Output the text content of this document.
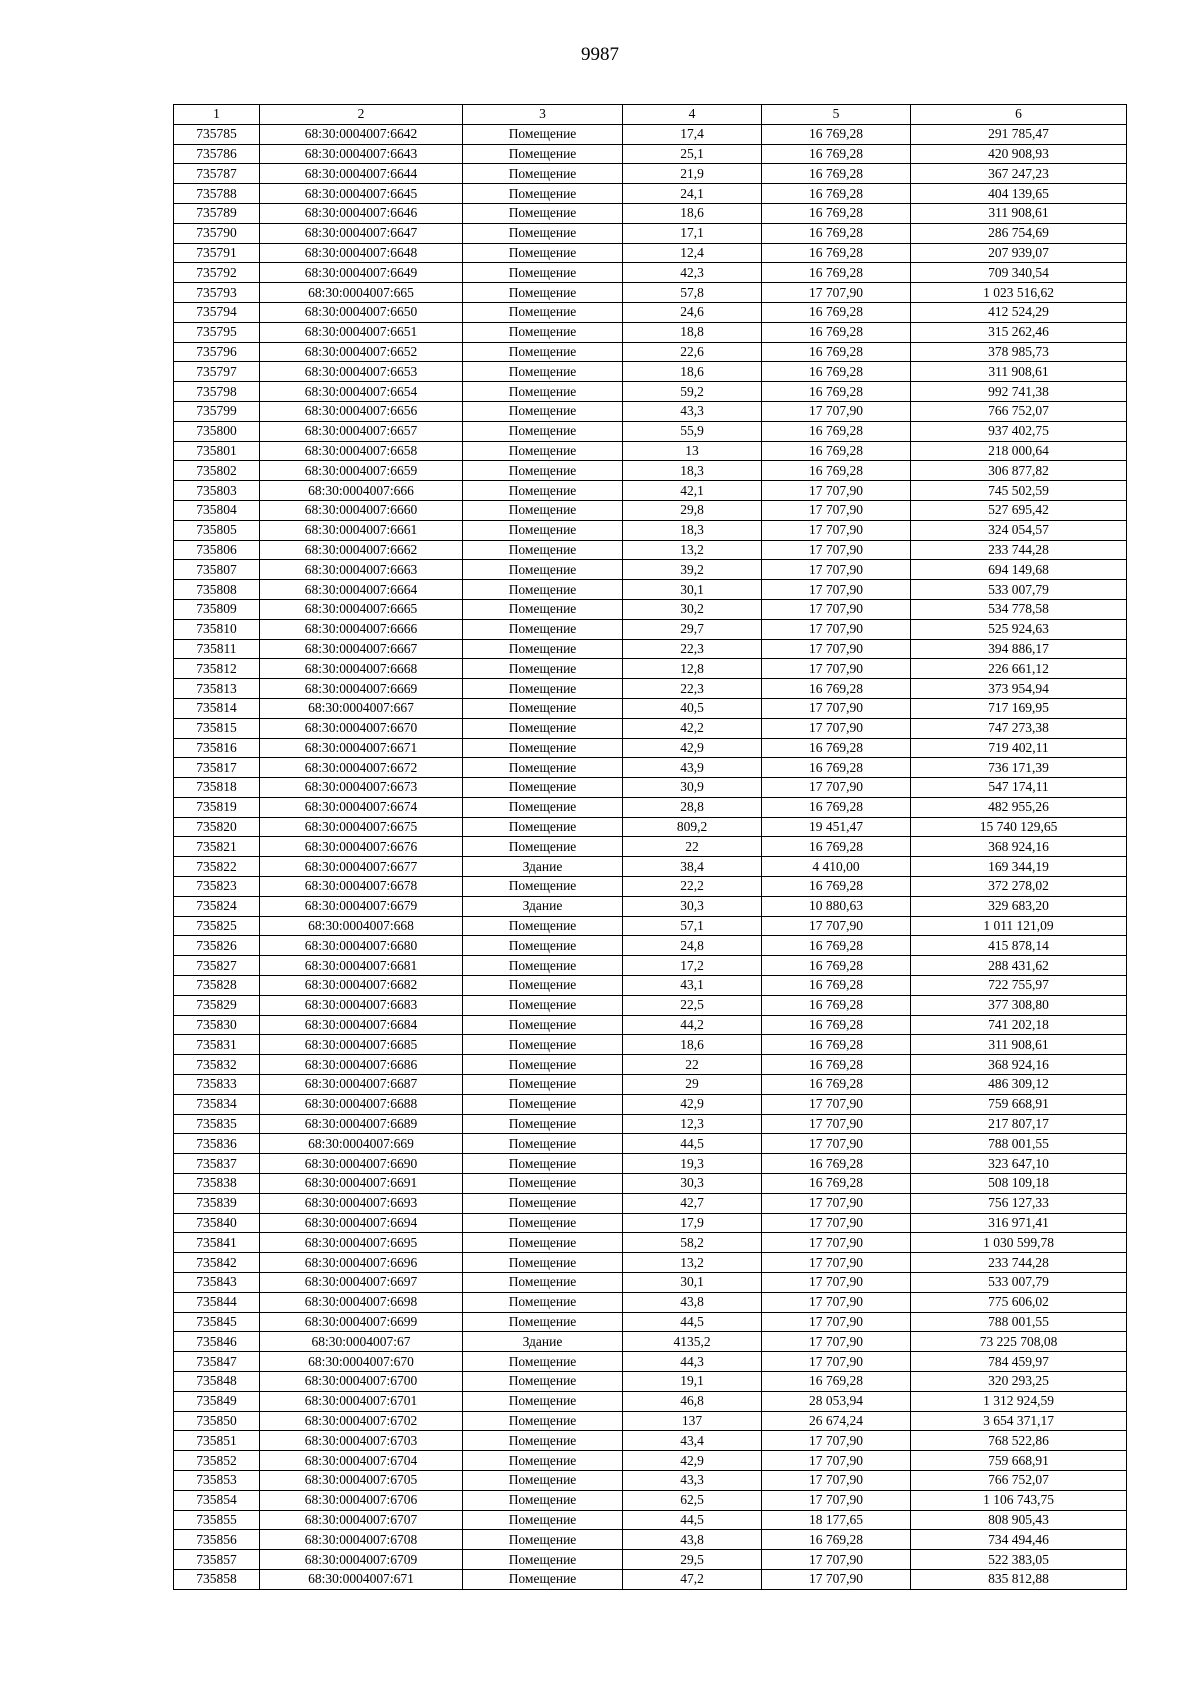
9987
1	2	3	4	5	6
735785	68:30:0004007:6642	Помещение	17,4	16 769,28	291 785,47
735786	68:30:0004007:6643	Помещение	25,1	16 769,28	420 908,93
735787	68:30:0004007:6644	Помещение	21,9	16 769,28	367 247,23
735788	68:30:0004007:6645	Помещение	24,1	16 769,28	404 139,65
735789	68:30:0004007:6646	Помещение	18,6	16 769,28	311 908,61
735790	68:30:0004007:6647	Помещение	17,1	16 769,28	286 754,69
735791	68:30:0004007:6648	Помещение	12,4	16 769,28	207 939,07
735792	68:30:0004007:6649	Помещение	42,3	16 769,28	709 340,54
735793	68:30:0004007:665	Помещение	57,8	17 707,90	1 023 516,62
735794	68:30:0004007:6650	Помещение	24,6	16 769,28	412 524,29
735795	68:30:0004007:6651	Помещение	18,8	16 769,28	315 262,46
735796	68:30:0004007:6652	Помещение	22,6	16 769,28	378 985,73
735797	68:30:0004007:6653	Помещение	18,6	16 769,28	311 908,61
735798	68:30:0004007:6654	Помещение	59,2	16 769,28	992 741,38
735799	68:30:0004007:6656	Помещение	43,3	17 707,90	766 752,07
735800	68:30:0004007:6657	Помещение	55,9	16 769,28	937 402,75
735801	68:30:0004007:6658	Помещение	13	16 769,28	218 000,64
735802	68:30:0004007:6659	Помещение	18,3	16 769,28	306 877,82
735803	68:30:0004007:666	Помещение	42,1	17 707,90	745 502,59
735804	68:30:0004007:6660	Помещение	29,8	17 707,90	527 695,42
735805	68:30:0004007:6661	Помещение	18,3	17 707,90	324 054,57
735806	68:30:0004007:6662	Помещение	13,2	17 707,90	233 744,28
735807	68:30:0004007:6663	Помещение	39,2	17 707,90	694 149,68
735808	68:30:0004007:6664	Помещение	30,1	17 707,90	533 007,79
735809	68:30:0004007:6665	Помещение	30,2	17 707,90	534 778,58
735810	68:30:0004007:6666	Помещение	29,7	17 707,90	525 924,63
735811	68:30:0004007:6667	Помещение	22,3	17 707,90	394 886,17
735812	68:30:0004007:6668	Помещение	12,8	17 707,90	226 661,12
735813	68:30:0004007:6669	Помещение	22,3	16 769,28	373 954,94
735814	68:30:0004007:667	Помещение	40,5	17 707,90	717 169,95
735815	68:30:0004007:6670	Помещение	42,2	17 707,90	747 273,38
735816	68:30:0004007:6671	Помещение	42,9	16 769,28	719 402,11
735817	68:30:0004007:6672	Помещение	43,9	16 769,28	736 171,39
735818	68:30:0004007:6673	Помещение	30,9	17 707,90	547 174,11
735819	68:30:0004007:6674	Помещение	28,8	16 769,28	482 955,26
735820	68:30:0004007:6675	Помещение	809,2	19 451,47	15 740 129,65
735821	68:30:0004007:6676	Помещение	22	16 769,28	368 924,16
735822	68:30:0004007:6677	Здание	38,4	4 410,00	169 344,19
735823	68:30:0004007:6678	Помещение	22,2	16 769,28	372 278,02
735824	68:30:0004007:6679	Здание	30,3	10 880,63	329 683,20
735825	68:30:0004007:668	Помещение	57,1	17 707,90	1 011 121,09
735826	68:30:0004007:6680	Помещение	24,8	16 769,28	415 878,14
735827	68:30:0004007:6681	Помещение	17,2	16 769,28	288 431,62
735828	68:30:0004007:6682	Помещение	43,1	16 769,28	722 755,97
735829	68:30:0004007:6683	Помещение	22,5	16 769,28	377 308,80
735830	68:30:0004007:6684	Помещение	44,2	16 769,28	741 202,18
735831	68:30:0004007:6685	Помещение	18,6	16 769,28	311 908,61
735832	68:30:0004007:6686	Помещение	22	16 769,28	368 924,16
735833	68:30:0004007:6687	Помещение	29	16 769,28	486 309,12
735834	68:30:0004007:6688	Помещение	42,9	17 707,90	759 668,91
735835	68:30:0004007:6689	Помещение	12,3	17 707,90	217 807,17
735836	68:30:0004007:669	Помещение	44,5	17 707,90	788 001,55
735837	68:30:0004007:6690	Помещение	19,3	16 769,28	323 647,10
735838	68:30:0004007:6691	Помещение	30,3	16 769,28	508 109,18
735839	68:30:0004007:6693	Помещение	42,7	17 707,90	756 127,33
735840	68:30:0004007:6694	Помещение	17,9	17 707,90	316 971,41
735841	68:30:0004007:6695	Помещение	58,2	17 707,90	1 030 599,78
735842	68:30:0004007:6696	Помещение	13,2	17 707,90	233 744,28
735843	68:30:0004007:6697	Помещение	30,1	17 707,90	533 007,79
735844	68:30:0004007:6698	Помещение	43,8	17 707,90	775 606,02
735845	68:30:0004007:6699	Помещение	44,5	17 707,90	788 001,55
735846	68:30:0004007:67	Здание	4135,2	17 707,90	73 225 708,08
735847	68:30:0004007:670	Помещение	44,3	17 707,90	784 459,97
735848	68:30:0004007:6700	Помещение	19,1	16 769,28	320 293,25
735849	68:30:0004007:6701	Помещение	46,8	28 053,94	1 312 924,59
735850	68:30:0004007:6702	Помещение	137	26 674,24	3 654 371,17
735851	68:30:0004007:6703	Помещение	43,4	17 707,90	768 522,86
735852	68:30:0004007:6704	Помещение	42,9	17 707,90	759 668,91
735853	68:30:0004007:6705	Помещение	43,3	17 707,90	766 752,07
735854	68:30:0004007:6706	Помещение	62,5	17 707,90	1 106 743,75
735855	68:30:0004007:6707	Помещение	44,5	18 177,65	808 905,43
735856	68:30:0004007:6708	Помещение	43,8	16 769,28	734 494,46
735857	68:30:0004007:6709	Помещение	29,5	17 707,90	522 383,05
735858	68:30:0004007:671	Помещение	47,2	17 707,90	835 812,88
